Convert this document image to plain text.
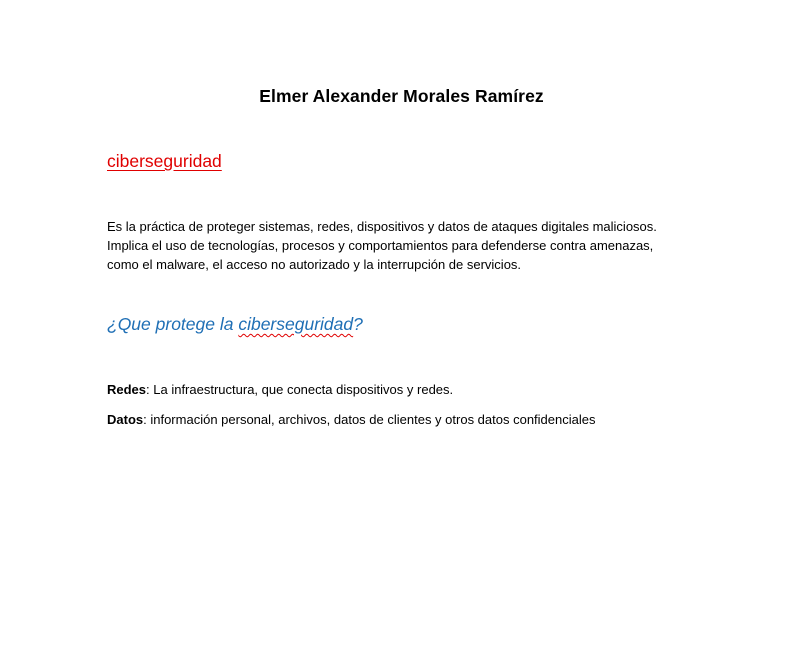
Elmer Alexander Morales Ramírez
ciberseguridad

Es la práctica de proteger sistemas, redes, dispositivos y datos de ataques digitales maliciosos.

Implica el uso de tecnologías, procesos y comportamientos para defenderse contra amenazas,

como el malware, el acceso no autorizado y la interrupción de servicios.

¿Que protege la ciberseguridad?

Redes: La infraestructura, que conecta dispositivos y redes.

Datos: información personal, archivos, datos de clientes y otros datos confidenciales
